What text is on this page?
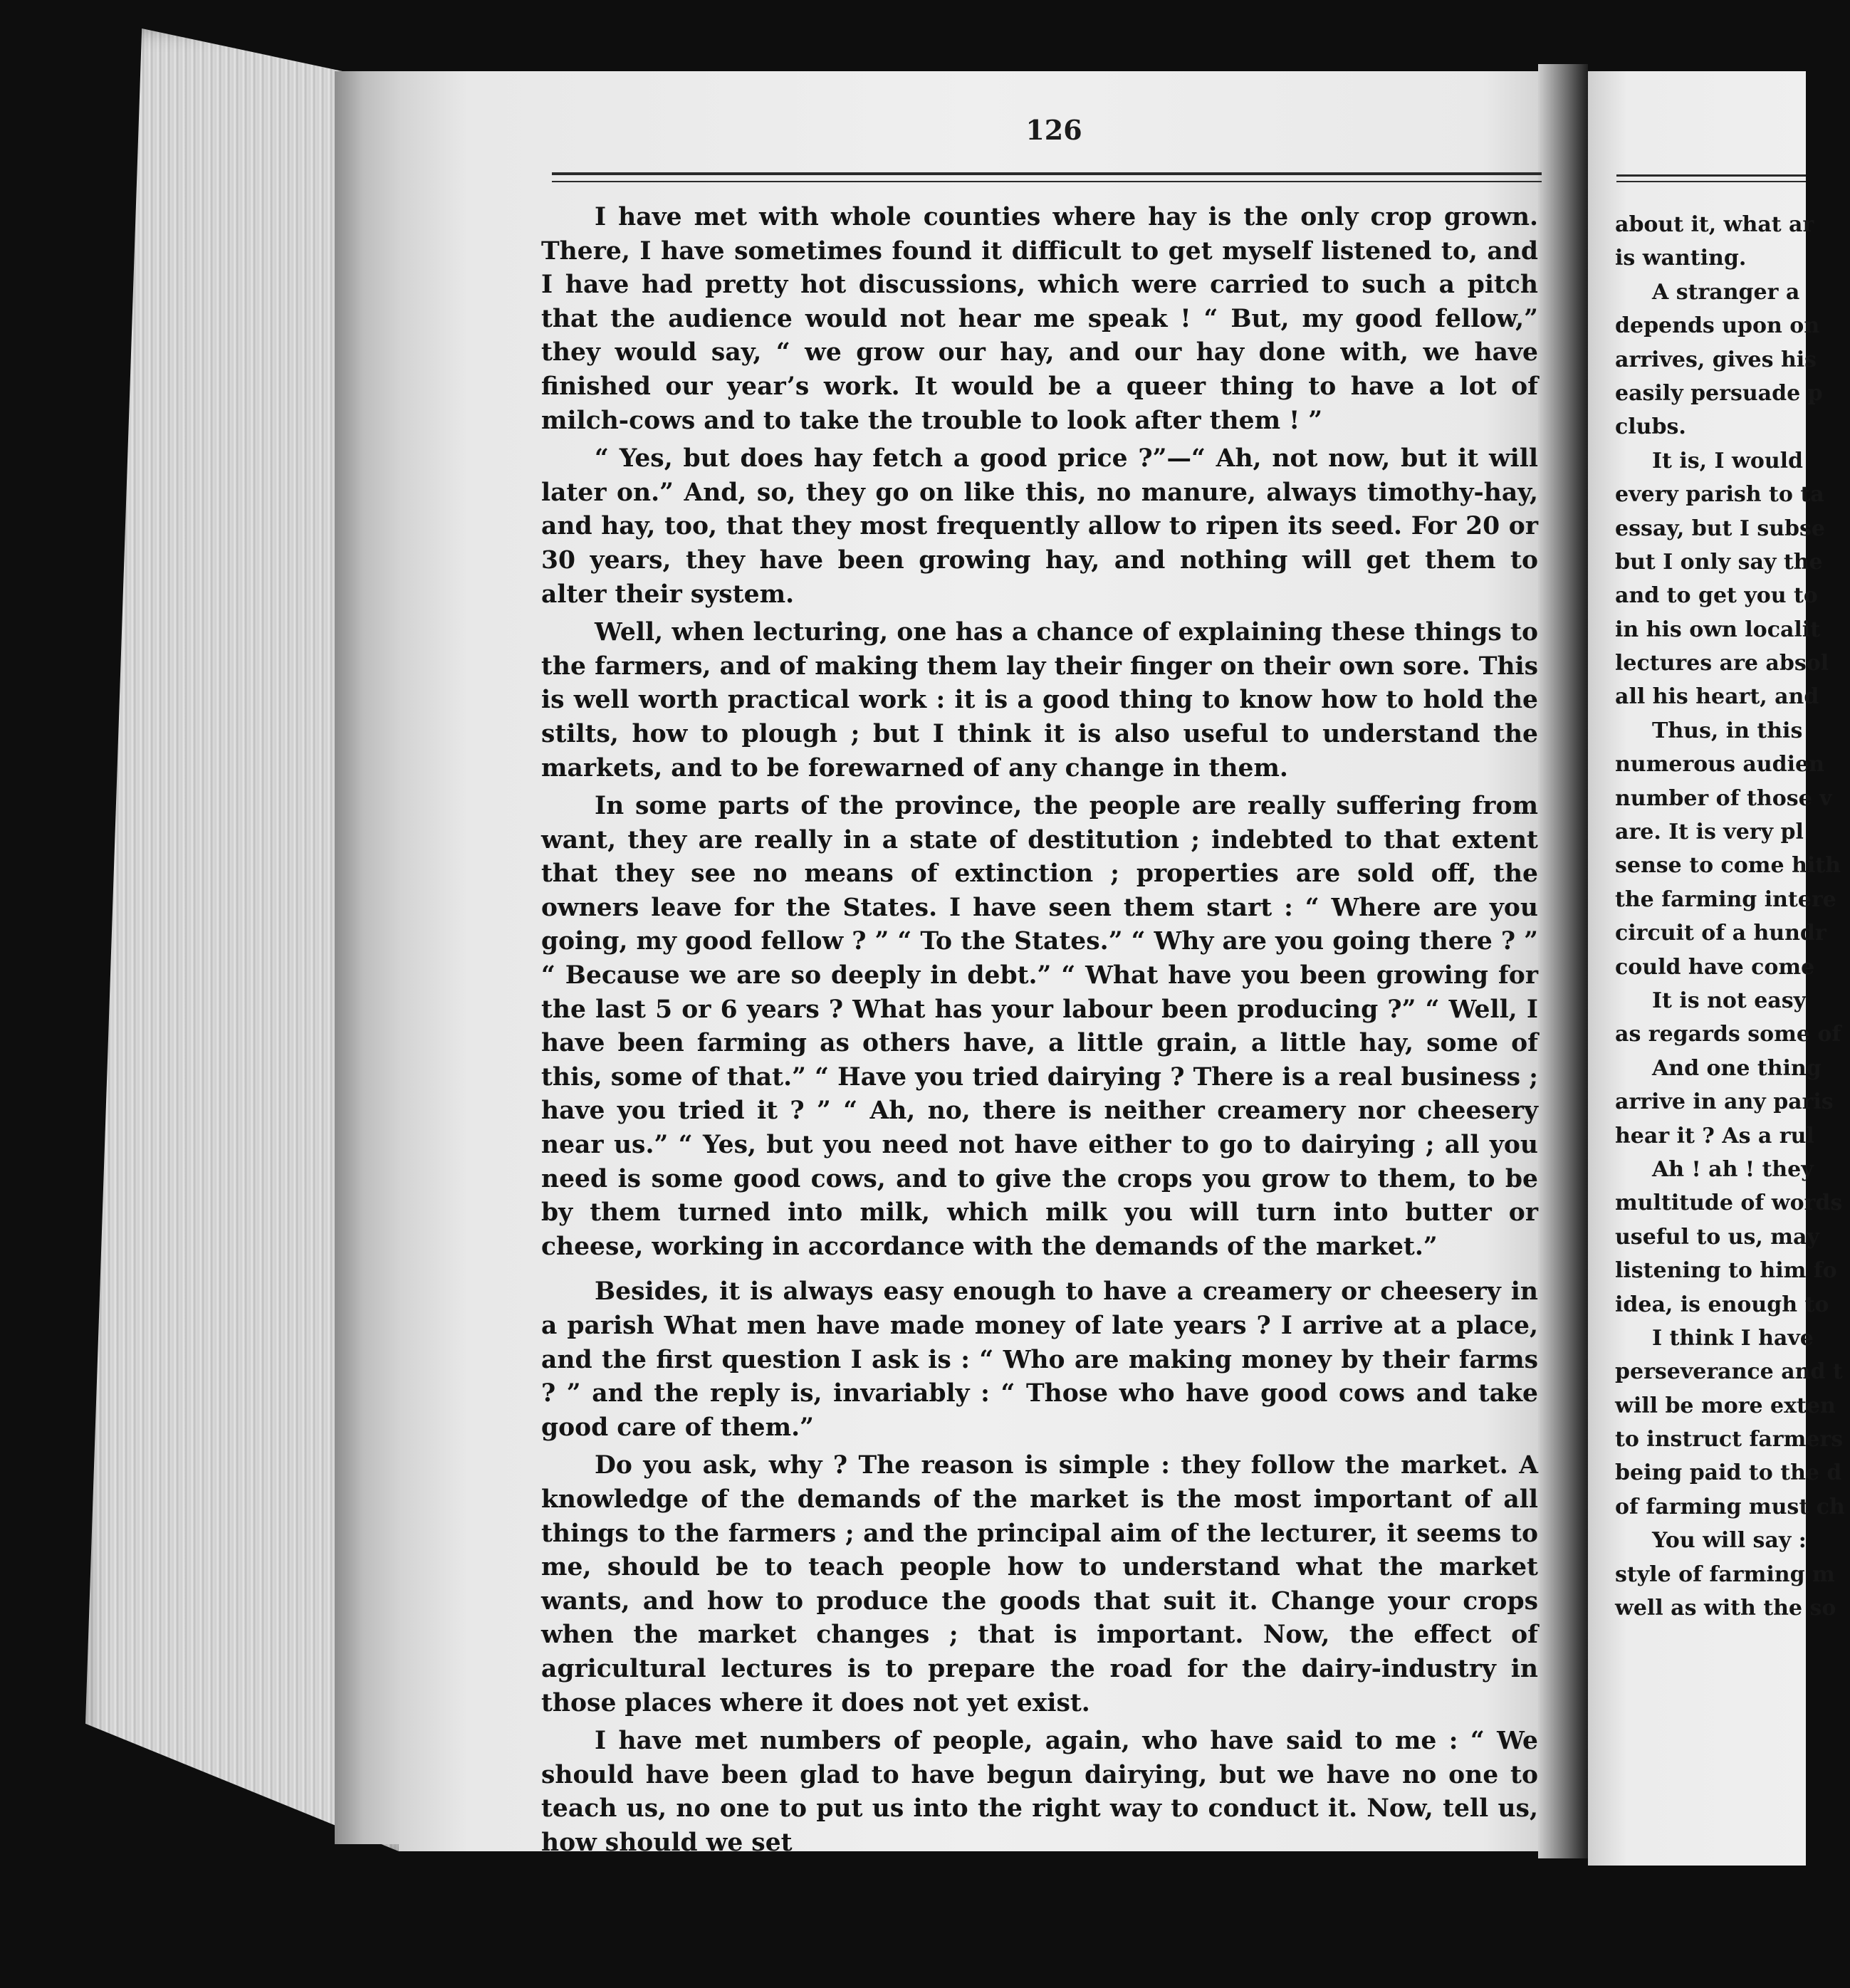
126

I have met with whole counties where hay is the only crop grown. There, I have sometimes found it difficult to get myself listened to, and I have had pretty hot discussions, which were carried to such a pitch that the audience would not hear me speak ! “ But, my good fellow,” they would say, “ we grow our hay, and our hay done with, we have finished our year’s work. It would be a queer thing to have a lot of milch-cows and to take the trouble to look after them ! ”

“ Yes, but does hay fetch a good price ?”—“ Ah, not now, but it will later on.” And, so, they go on like this, no manure, always timothy-hay, and hay, too, that they most frequently allow to ripen its seed. For 20 or 30 years, they have been growing hay, and nothing will get them to alter their system.

Well, when lecturing, one has a chance of explaining these things to the farmers, and of making them lay their finger on their own sore. This is well worth practical work : it is a good thing to know how to hold the stilts, how to plough ; but I think it is also useful to understand the markets, and to be forewarned of any change in them.

In some parts of the province, the people are really suffering from want, they are really in a state of destitution ; indebted to that extent that they see no means of extinction ; properties are sold off, the owners leave for the States. I have seen them start : “ Where are you going, my good fellow ? ” “ To the States.” “ Why are you going there ? ” “ Because we are so deeply in debt.” “ What have you been growing for the last 5 or 6 years ? What has your labour been producing ?” “ Well, I have been farming as others have, a little grain, a little hay, some of this, some of that.” “ Have you tried dairying ? There is a real business ; have you tried it ? ” “ Ah, no, there is neither creamery nor cheesery near us.” “ Yes, but you need not have either to go to dairying ; all you need is some good cows, and to give the crops you grow to them, to be by them turned into milk, which milk you will turn into butter or cheese, working in accordance with the demands of the market.”

Besides, it is always easy enough to have a creamery or cheesery in a parish What men have made money of late years ? I arrive at a place, and the first question I ask is : “ Who are making money by their farms ? ” and the reply is, invariably : “ Those who have good cows and take good care of them.”

Do you ask, why ? The reason is simple : they follow the market. A knowledge of the demands of the market is the most important of all things to the farmers ; and the principal aim of the lecturer, it seems to me, should be to teach people how to understand what the market wants, and how to produce the goods that suit it. Change your crops when the market changes ; that is important. Now, the effect of agricultural lectures is to prepare the road for the dairy-industry in those places where it does not yet exist.

I have met numbers of people, again, who have said to me : “ We should have been glad to have begun dairying, but we have no one to teach us, no one to put us into the right way to conduct it. Now, tell us, how should we set

about it, what ar
is wanting.
A stranger a
depends upon on
arrives, gives his
easily persuade p
clubs.
It is, I would
every parish to ta
essay, but I subse
but I only say the
and to get you to
in his own localit
lectures are absol
all his heart, and
Thus, in this
numerous audien
number of those v
are. It is very pl
sense to come hith
the farming intere
circuit of a hundr
could have come
It is not easy
as regards some of
And one thing
arrive in any paris
hear it ? As a rul
Ah ! ah ! they
multitude of words
useful to us, may
listening to him fo
idea, is enough to
I think I have
perseverance and t
will be more exten
to instruct farmers
being paid to the d
of farming must ch
You will say :
style of farming m
well as with the so
